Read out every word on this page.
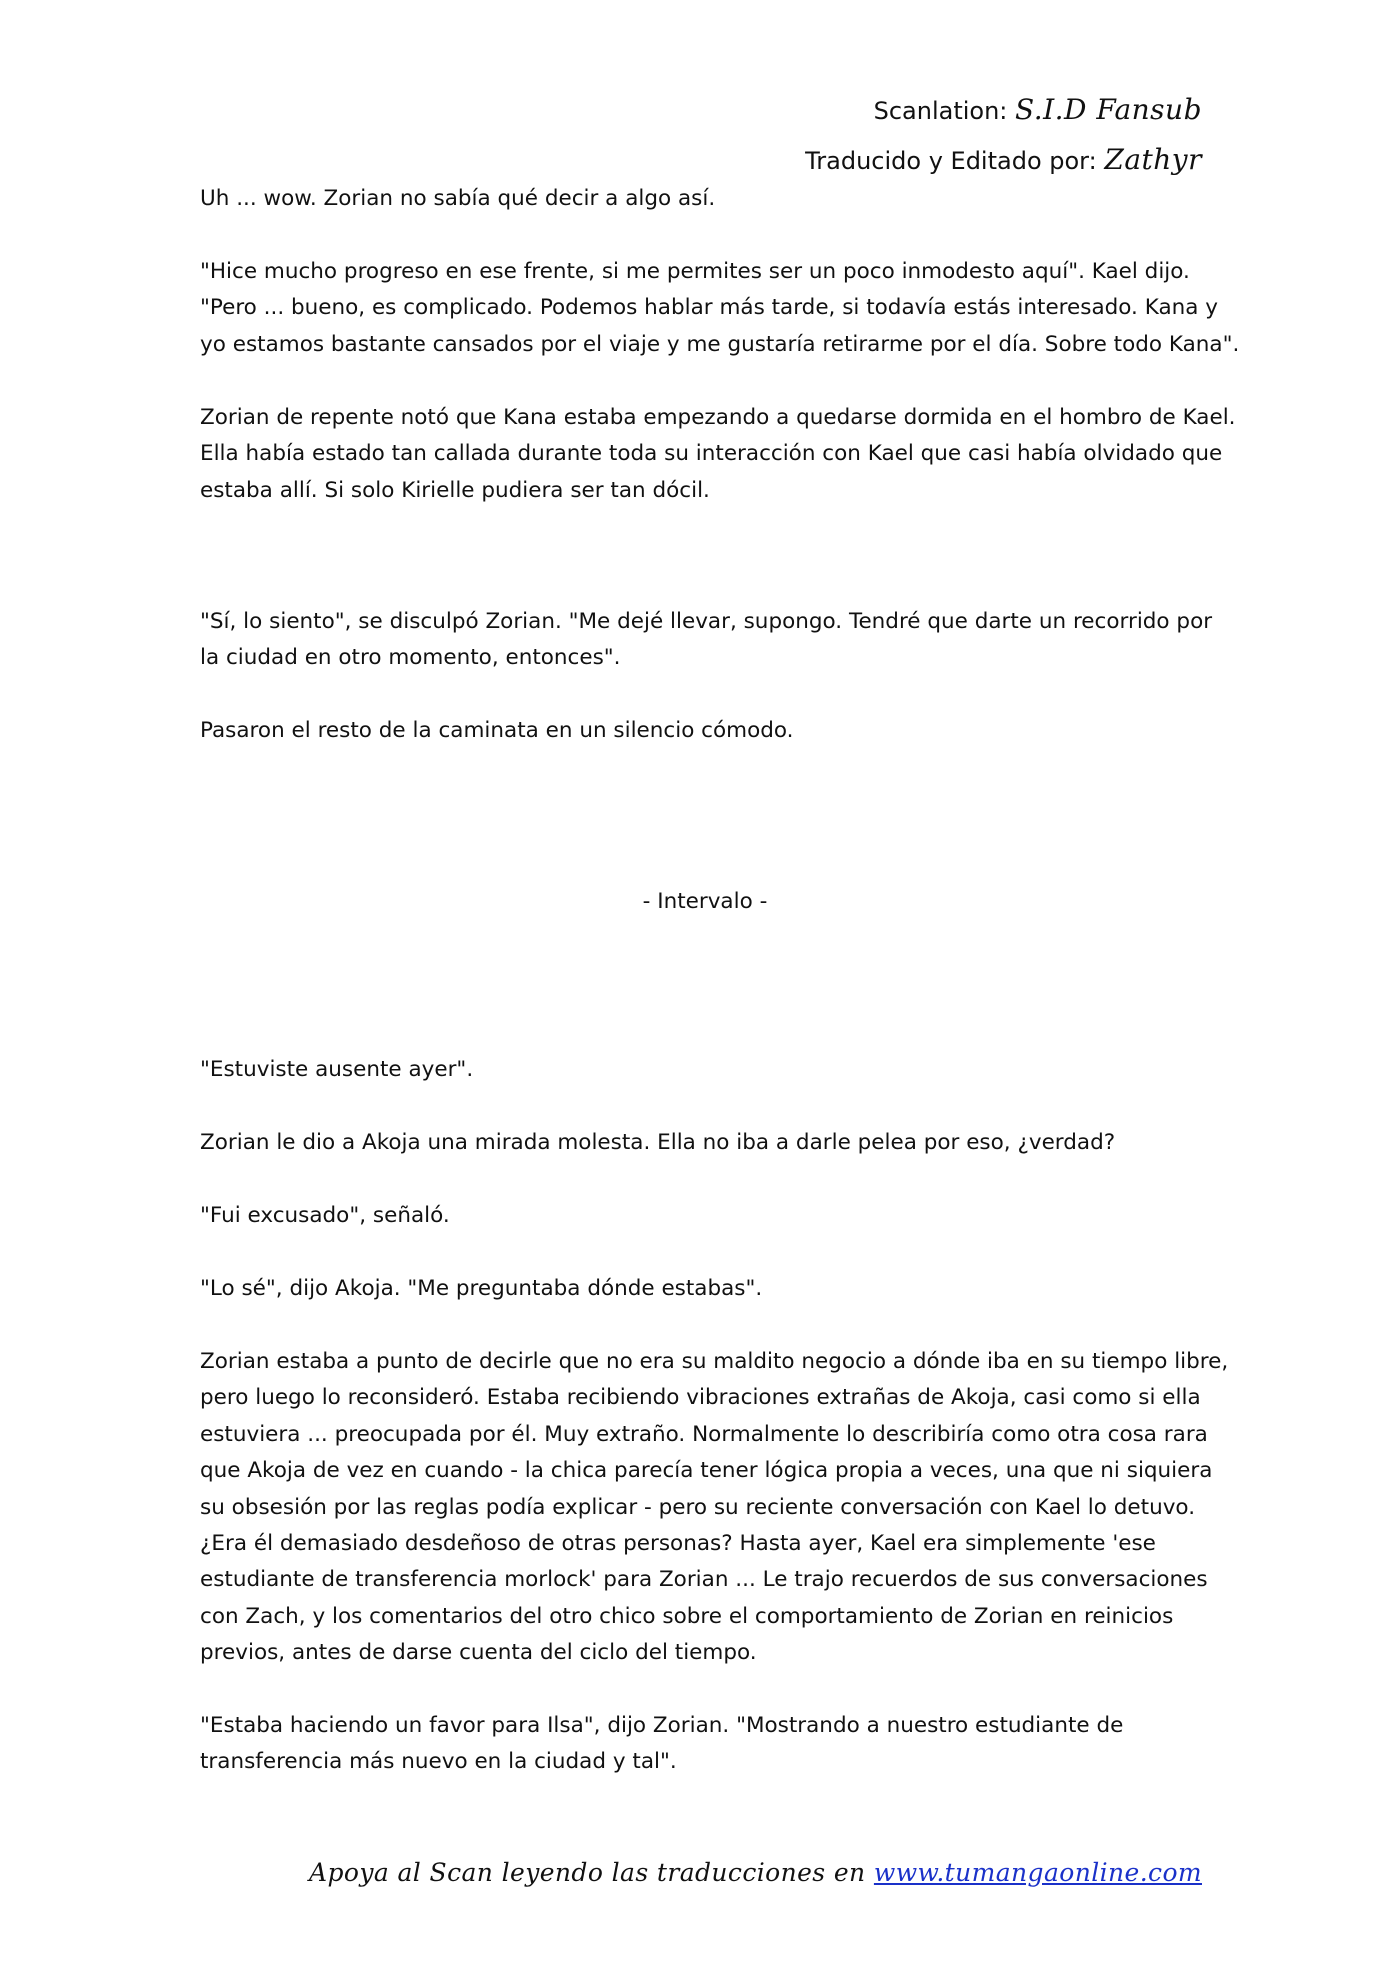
Scanlation: S.I.D Fansub
Traducido y Editado por: Zathyr

Uh ... wow. Zorian no sabía qué decir a algo así.

"Hice mucho progreso en ese frente, si me permites ser un poco inmodesto aquí". Kael dijo.
"Pero ... bueno, es complicado. Podemos hablar más tarde, si todavía estás interesado. Kana y
yo estamos bastante cansados por el viaje y me gustaría retirarme por el día. Sobre todo Kana".

Zorian de repente notó que Kana estaba empezando a quedarse dormida en el hombro de Kael.
Ella había estado tan callada durante toda su interacción con Kael que casi había olvidado que
estaba allí. Si solo Kirielle pudiera ser tan dócil.

"Sí, lo siento", se disculpó Zorian. "Me dejé llevar, supongo. Tendré que darte un recorrido por
la ciudad en otro momento, entonces".

Pasaron el resto de la caminata en un silencio cómodo.

- Intervalo -

"Estuviste ausente ayer".

Zorian le dio a Akoja una mirada molesta. Ella no iba a darle pelea por eso, ¿verdad?

"Fui excusado", señaló.

"Lo sé", dijo Akoja. "Me preguntaba dónde estabas".

Zorian estaba a punto de decirle que no era su maldito negocio a dónde iba en su tiempo libre,
pero luego lo reconsideró. Estaba recibiendo vibraciones extrañas de Akoja, casi como si ella
estuviera ... preocupada por él. Muy extraño. Normalmente lo describiría como otra cosa rara
que Akoja de vez en cuando - la chica parecía tener lógica propia a veces, una que ni siquiera
su obsesión por las reglas podía explicar - pero su reciente conversación con Kael lo detuvo.
¿Era él demasiado desdeñoso de otras personas? Hasta ayer, Kael era simplemente 'ese
estudiante de transferencia morlock' para Zorian ... Le trajo recuerdos de sus conversaciones
con Zach, y los comentarios del otro chico sobre el comportamiento de Zorian en reinicios
previos, antes de darse cuenta del ciclo del tiempo.

"Estaba haciendo un favor para Ilsa", dijo Zorian. "Mostrando a nuestro estudiante de
transferencia más nuevo en la ciudad y tal".

Apoya al Scan leyendo las traducciones en www.tumangaonline.com
